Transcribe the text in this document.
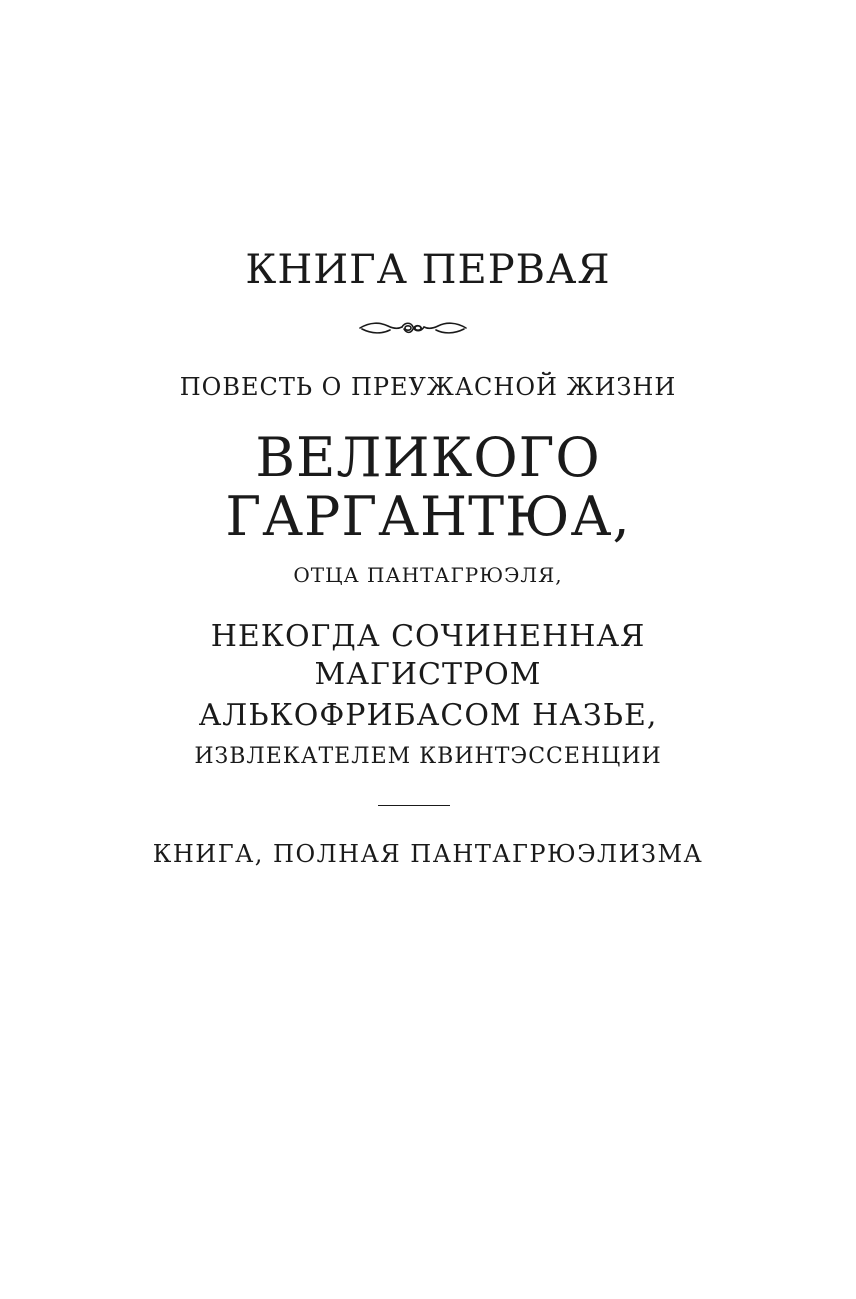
КНИГА ПЕРВАЯ
ПОВЕСТЬ О ПРЕУЖАСНОЙ ЖИЗНИ
ВЕЛИКОГО
ГАРГАНТЮА,
ОТЦА ПАНТАГРЮЭЛЯ,
НЕКОГДА СОЧИНЕННАЯ
МАГИСТРОМ
АЛЬКОФРИБАСОМ НАЗЬЕ,
ИЗВЛЕКАТЕЛЕМ КВИНТЭССЕНЦИИ
КНИГА, ПОЛНАЯ ПАНТАГРЮЭЛИЗМА
